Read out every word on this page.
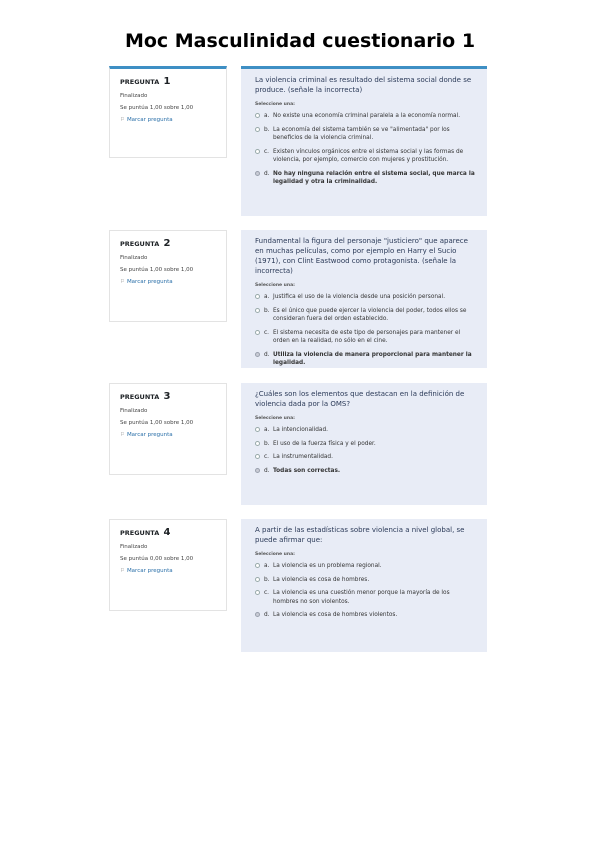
Moc Masculinidad cuestionario 1
PREGUNTA 1
Finalizado
Se puntúa 1,00 sobre 1,00
⚐ Marcar pregunta
La violencia criminal es resultado del sistema social donde se produce. (señale la incorrecta)
Seleccione una:
a. No existe una economía criminal paralela a la economía normal.
b. La economía del sistema también se ve "alimentada" por los beneficios de la violencia criminal.
c. Existen vínculos orgánicos entre el sistema social y las formas de violencia, por ejemplo, comercio con mujeres y prostitución.
d. No hay ninguna relación entre el sistema social, que marca la legalidad y otra la criminalidad.
PREGUNTA 2
Finalizado
Se puntúa 1,00 sobre 1,00
⚐ Marcar pregunta
Fundamental la figura del personaje "justiciero" que aparece en muchas películas, como por ejemplo en Harry el Sucio (1971), con Clint Eastwood como protagonista. (señale la incorrecta)
Seleccione una:
a. Justifica el uso de la violencia desde una posición personal.
b. Es el único que puede ejercer la violencia del poder, todos ellos se consideran fuera del orden establecido.
c. El sistema necesita de este tipo de personajes para mantener el orden en la realidad, no sólo en el cine.
d. Utiliza la violencia de manera proporcional para mantener la legalidad.
PREGUNTA 3
Finalizado
Se puntúa 1,00 sobre 1,00
⚐ Marcar pregunta
¿Cuáles son los elementos que destacan en la definición de violencia dada por la OMS?
Seleccione una:
a. La intencionalidad.
b. El uso de la fuerza física y el poder.
c. La instrumentalidad.
d. Todas son correctas.
PREGUNTA 4
Finalizado
Se puntúa 0,00 sobre 1,00
⚐ Marcar pregunta
A partir de las estadísticas sobre violencia a nivel global, se puede afirmar que:
Seleccione una:
a. La violencia es un problema regional.
b. La violencia es cosa de hombres.
c. La violencia es una cuestión menor porque la mayoría de los hombres no son violentos.
d. La violencia es cosa de hombres violentos.
